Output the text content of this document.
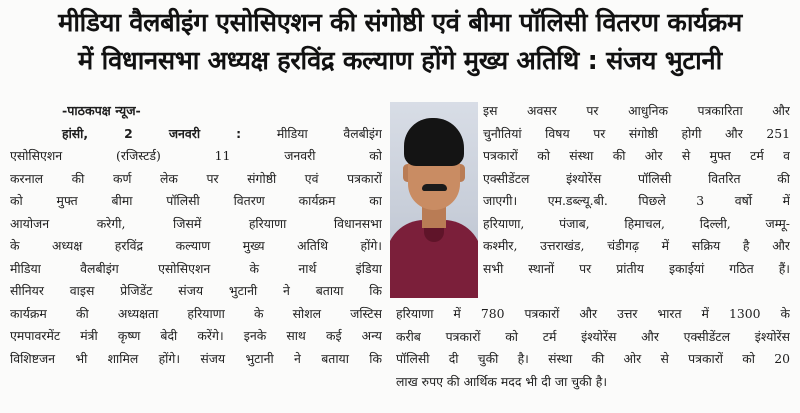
मीडिया वैलबीइंग एसोसिएशन की संगोष्ठी एवं बीमा पॉलिसी वितरण कार्यक्रम
में विधानसभा अध्यक्ष हरविंद्र कल्याण होंगे मुख्य अतिथि : संजय भुटानी
-पाठकपक्ष न्यूज-
हांसी, 2 जनवरी :	मीडिया वैलबीइंग
एसोसिएशन (रजिस्टर्ड) 11 जनवरी को
करनाल की कर्ण लेक पर संगोष्ठी एवं पत्रकारों
को मुफ्त बीमा पॉलिसी वितरण कार्यक्रम का
आयोजन करेगी, जिसमें हरियाणा विधानसभा
के अध्यक्ष हरविंद्र कल्याण मुख्य अतिथि होंगे।
मीडिया वैलबीइंग एसोसिएशन के नार्थ इंडिया
सीनियर वाइस प्रेजिडेंट संजय भुटानी ने बताया कि
कार्यक्रम की अध्यक्षता हरियाणा के सोशल जस्टिस
एमपावरमेंट मंत्री कृष्ण बेदी करेंगे। इनके साथ कई अन्य
विशिष्टजन भी शामिल होंगे। संजय भुटानी ने बताया कि
इस अवसर पर आधुनिक पत्रकारिता और
चुनौतियां विषय पर संगोष्ठी होगी और 251
पत्रकारों को संस्था की ओर से मुफ्त टर्म व
एक्सीडेंटल इंश्योरेंस पॉलिसी वितरित की
जाएगी। एम.डब्ल्यू.बी. पिछले 3 वर्षो में
हरियाणा, पंजाब, हिमाचल, दिल्ली, जम्मू-
कश्मीर, उत्तराखंड, चंडीगढ़ में सक्रिय है और
सभी स्थानों पर प्रांतीय इकाईयां गठित हैं।
हरियाणा में 780 पत्रकारों और उत्तर भारत में 1300 के
करीब पत्रकारों को टर्म इंश्योरेंस और एक्सीडेंटल इंश्योरेंस
पॉलिसी दी चुकी है। संस्था की ओर से पत्रकारों को 20
लाख रुपए की आर्थिक मदद भी दी जा चुकी है।
